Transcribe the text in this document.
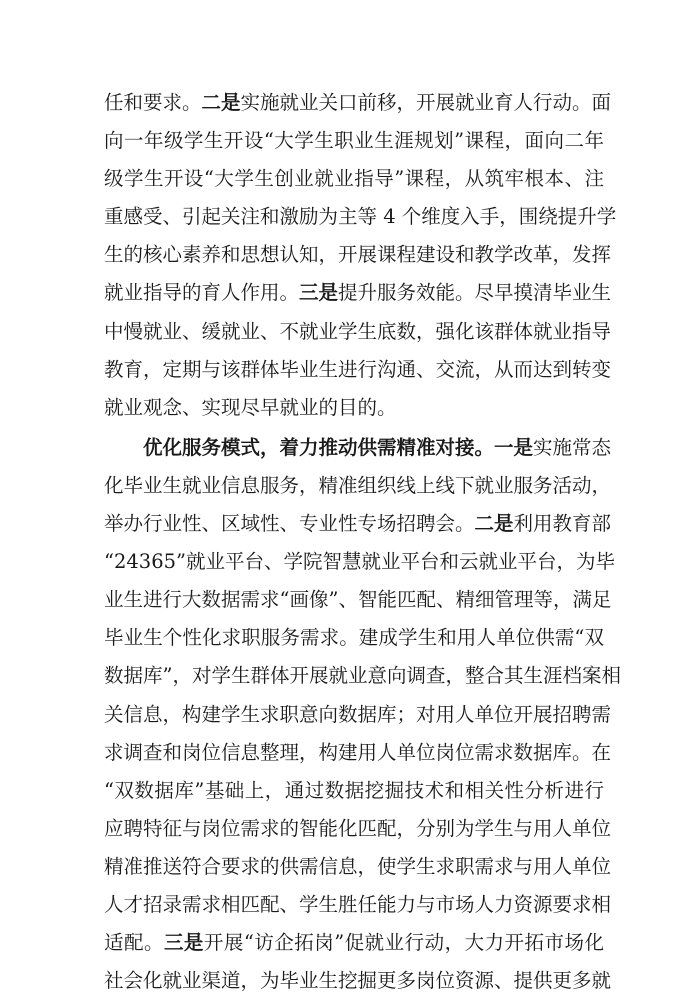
任和要求。二是实施就业关口前移，开展就业育人行动。面
向一年级学生开设“大学生职业生涯规划”课程，面向二年
级学生开设“大学生创业就业指导”课程，从筑牢根本、注
重感受、引起关注和激励为主等 4 个维度入手，围绕提升学
生的核心素养和思想认知，开展课程建设和教学改革，发挥
就业指导的育人作用。三是提升服务效能。尽早摸清毕业生
中慢就业、缓就业、不就业学生底数，强化该群体就业指导
教育，定期与该群体毕业生进行沟通、交流，从而达到转变
就业观念、实现尽早就业的目的。
优化服务模式，着力推动供需精准对接。一是实施常态
化毕业生就业信息服务，精准组织线上线下就业服务活动，
举办行业性、区域性、专业性专场招聘会。二是利用教育部
“24365”就业平台、学院智慧就业平台和云就业平台，为毕
业生进行大数据需求“画像”、智能匹配、精细管理等，满足
毕业生个性化求职服务需求。建成学生和用人单位供需“双
数据库”，对学生群体开展就业意向调查，整合其生涯档案相
关信息，构建学生求职意向数据库；对用人单位开展招聘需
求调查和岗位信息整理，构建用人单位岗位需求数据库。在
“双数据库”基础上，通过数据挖掘技术和相关性分析进行
应聘特征与岗位需求的智能化匹配，分别为学生与用人单位
精准推送符合要求的供需信息，使学生求职需求与用人单位
人才招录需求相匹配、学生胜任能力与市场人力资源要求相
适配。三是开展“访企拓岗”促就业行动，大力开拓市场化
社会化就业渠道，为毕业生挖掘更多岗位资源、提供更多就
